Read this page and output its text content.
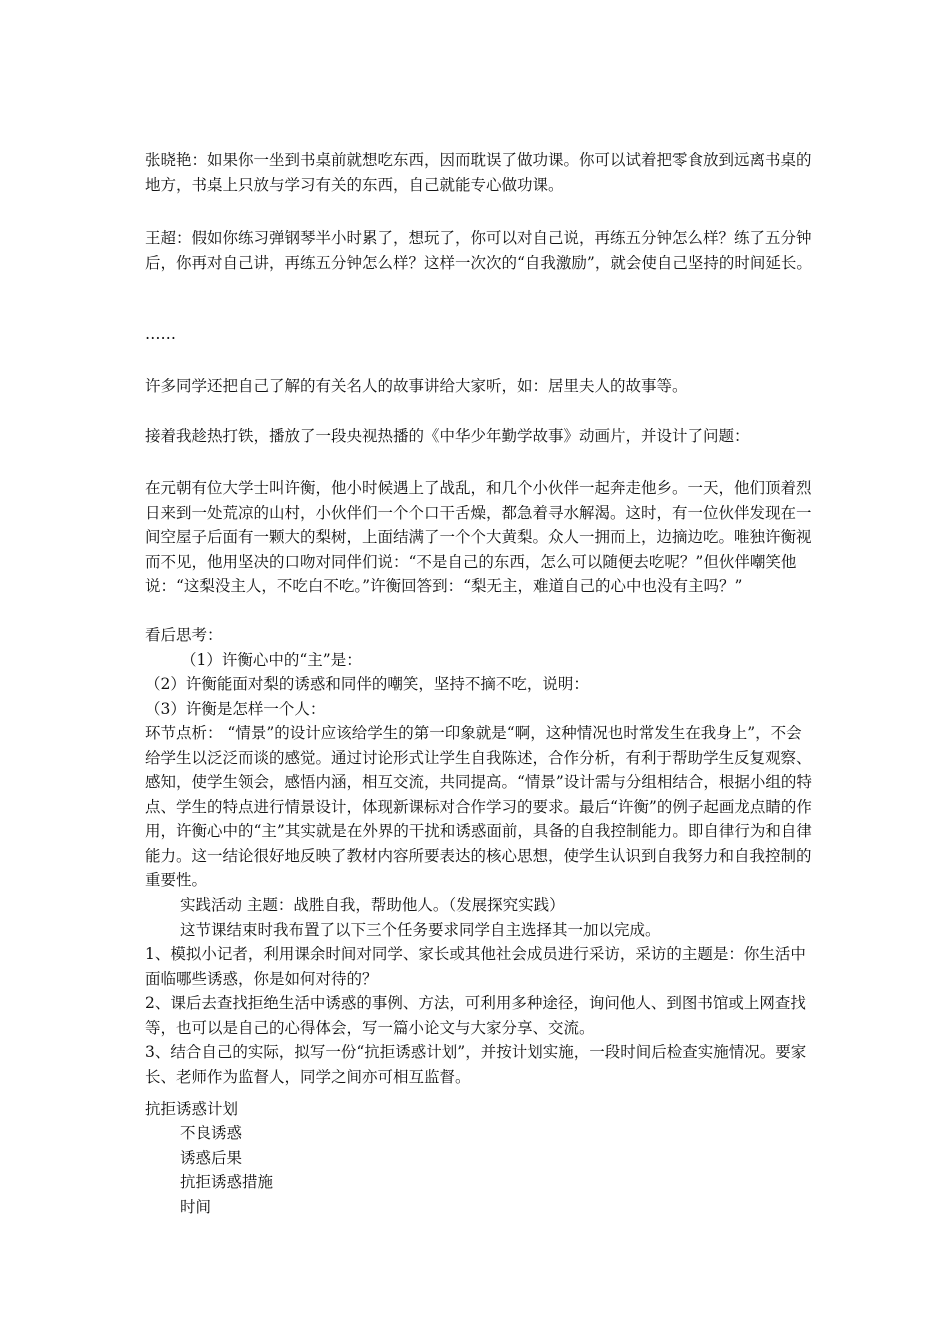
张晓艳：如果你一坐到书桌前就想吃东西，因而耽误了做功课。你可以试着把零食放到远离书桌的地方，书桌上只放与学习有关的东西，自己就能专心做功课。
王超：假如你练习弹钢琴半小时累了，想玩了，你可以对自己说，再练五分钟怎么样？练了五分钟后，你再对自己讲，再练五分钟怎么样？这样一次次的“自我激励”，就会使自己坚持的时间延长。
……
许多同学还把自己了解的有关名人的故事讲给大家听，如：居里夫人的故事等。
接着我趁热打铁，播放了一段央视热播的《中华少年勤学故事》动画片，并设计了问题：
在元朝有位大学士叫许衡，他小时候遇上了战乱，和几个小伙伴一起奔走他乡。一天，他们顶着烈日来到一处荒凉的山村，小伙伴们一个个口干舌燥，都急着寻水解渴。这时，有一位伙伴发现在一间空屋子后面有一颗大的梨树，上面结满了一个个大黄梨。众人一拥而上，边摘边吃。唯独许衡视而不见，他用坚决的口吻对同伴们说：“不是自己的东西，怎么可以随便去吃呢？”但伙伴嘲笑他说：“这梨没主人，不吃白不吃。”许衡回答到：“梨无主，难道自己的心中也没有主吗？”
看后思考：
（1）许衡心中的“主”是：
（2）许衡能面对梨的诱惑和同伴的嘲笑，坚持不摘不吃，说明：
（3）许衡是怎样一个人：
环节点析： “情景”的设计应该给学生的第一印象就是“啊，这种情况也时常发生在我身上”，不会给学生以泛泛而谈的感觉。通过讨论形式让学生自我陈述，合作分析，有利于帮助学生反复观察、感知，使学生领会，感悟内涵，相互交流，共同提高。“情景”设计需与分组相结合，根据小组的特点、学生的特点进行情景设计，体现新课标对合作学习的要求。最后“许衡”的例子起画龙点睛的作用，许衡心中的“主”其实就是在外界的干扰和诱惑面前，具备的自我控制能力。即自律行为和自律能力。这一结论很好地反映了教材内容所要表达的核心思想，使学生认识到自我努力和自我控制的重要性。
实践活动 主题：战胜自我，帮助他人。（发展探究实践）
这节课结束时我布置了以下三个任务要求同学自主选择其一加以完成。
1、模拟小记者，利用课余时间对同学、家长或其他社会成员进行采访，采访的主题是：你生活中面临哪些诱惑，你是如何对待的？
2、课后去查找拒绝生活中诱惑的事例、方法，可利用多种途径，询问他人、到图书馆或上网查找等，也可以是自己的心得体会，写一篇小论文与大家分享、交流。
3、结合自己的实际，拟写一份“抗拒诱惑计划”，并按计划实施，一段时间后检查实施情况。要家长、老师作为监督人，同学之间亦可相互监督。
抗拒诱惑计划
不良诱惑
诱惑后果
抗拒诱惑措施
时间
